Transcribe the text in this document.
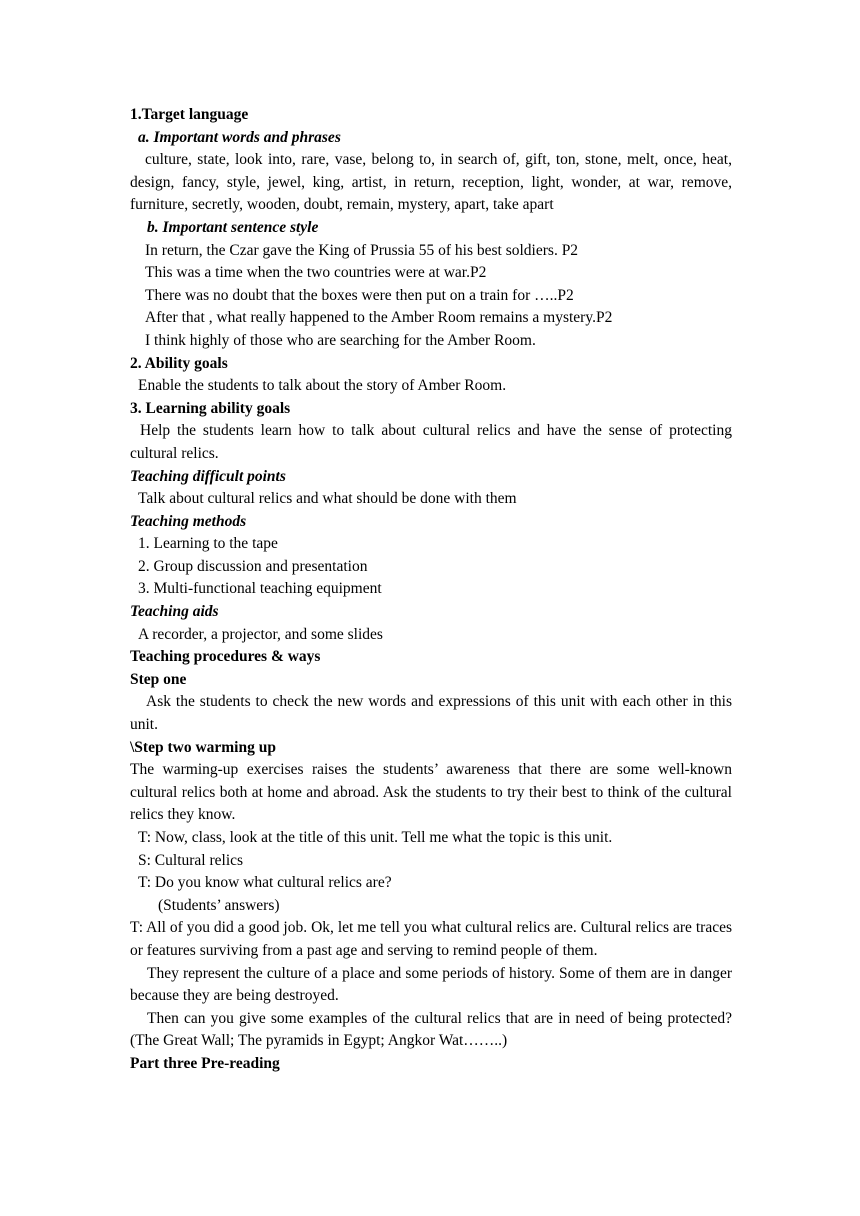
1.Target language
a. Important words and phrases
culture, state, look into, rare, vase, belong to, in search of, gift, ton, stone, melt, once, heat, design, fancy, style, jewel, king, artist, in return, reception, light, wonder, at war, remove, furniture, secretly, wooden, doubt, remain, mystery, apart, take apart
b. Important sentence style
In return, the Czar gave the King of Prussia 55 of his best soldiers. P2
This was a time when the two countries were at war.P2
There was no doubt that the boxes were then put on a train for …..P2
After that , what really happened to the Amber Room remains a mystery.P2
I think highly of those who are searching for the Amber Room.
2. Ability goals
Enable the students to talk about the story of Amber Room.
3. Learning ability goals
Help the students learn how to talk about cultural relics and have the sense of protecting cultural relics.
Teaching difficult points
Talk about cultural relics and what should be done with them
Teaching methods
1. Learning to the tape
2. Group discussion and presentation
3. Multi-functional teaching equipment
Teaching aids
A recorder, a projector, and some slides
Teaching procedures & ways
Step one
Ask the students to check the new words and expressions of this unit with each other in this unit.
\Step two warming up
The warming-up exercises raises the students’ awareness that there are some well-known cultural relics both at home and abroad. Ask the students to try their best to think of the cultural relics they know.
T: Now, class, look at the title of this unit. Tell me what the topic is this unit.
S: Cultural relics
T: Do you know what cultural relics are?
(Students’ answers)
T: All of you did a good job. Ok, let me tell you what cultural relics are. Cultural relics are traces or features surviving from a past age and serving to remind people of them.
They represent the culture of a place and some periods of history. Some of them are in danger because they are being destroyed.
Then can you give some examples of the cultural relics that are in need of being protected? (The Great Wall; The pyramids in Egypt; Angkor Wat……..)
Part three Pre-reading
